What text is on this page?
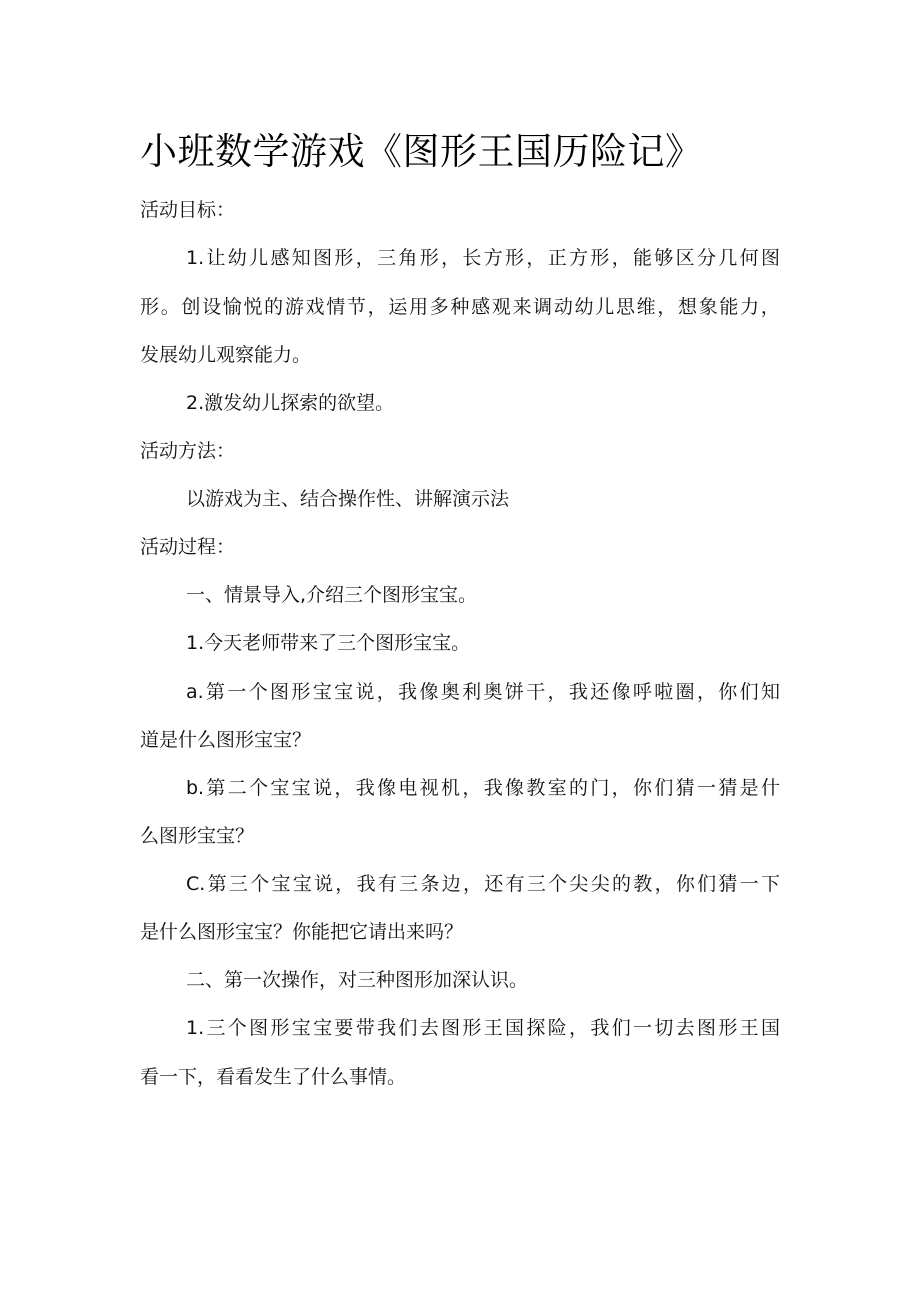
小班数学游戏《图形王国历险记》

活动目标：

1.让幼儿感知图形，三角形，长方形，正方形，能够区分几何图

形。创设愉悦的游戏情节，运用多种感观来调动幼儿思维，想象能力，

发展幼儿观察能力。

2.激发幼儿探索的欲望。

活动方法：

以游戏为主、结合操作性、讲解演示法

活动过程：

一、情景导入,介绍三个图形宝宝。

1.今天老师带来了三个图形宝宝。

a.第一个图形宝宝说，我像奥利奥饼干，我还像呼啦圈，你们知

道是什么图形宝宝？

b.第二个宝宝说，我像电视机，我像教室的门，你们猜一猜是什

么图形宝宝？

C.第三个宝宝说，我有三条边，还有三个尖尖的教，你们猜一下

是什么图形宝宝？你能把它请出来吗？

二、第一次操作，对三种图形加深认识。

1.三个图形宝宝要带我们去图形王国探险，我们一切去图形王国

看一下，看看发生了什么事情。
